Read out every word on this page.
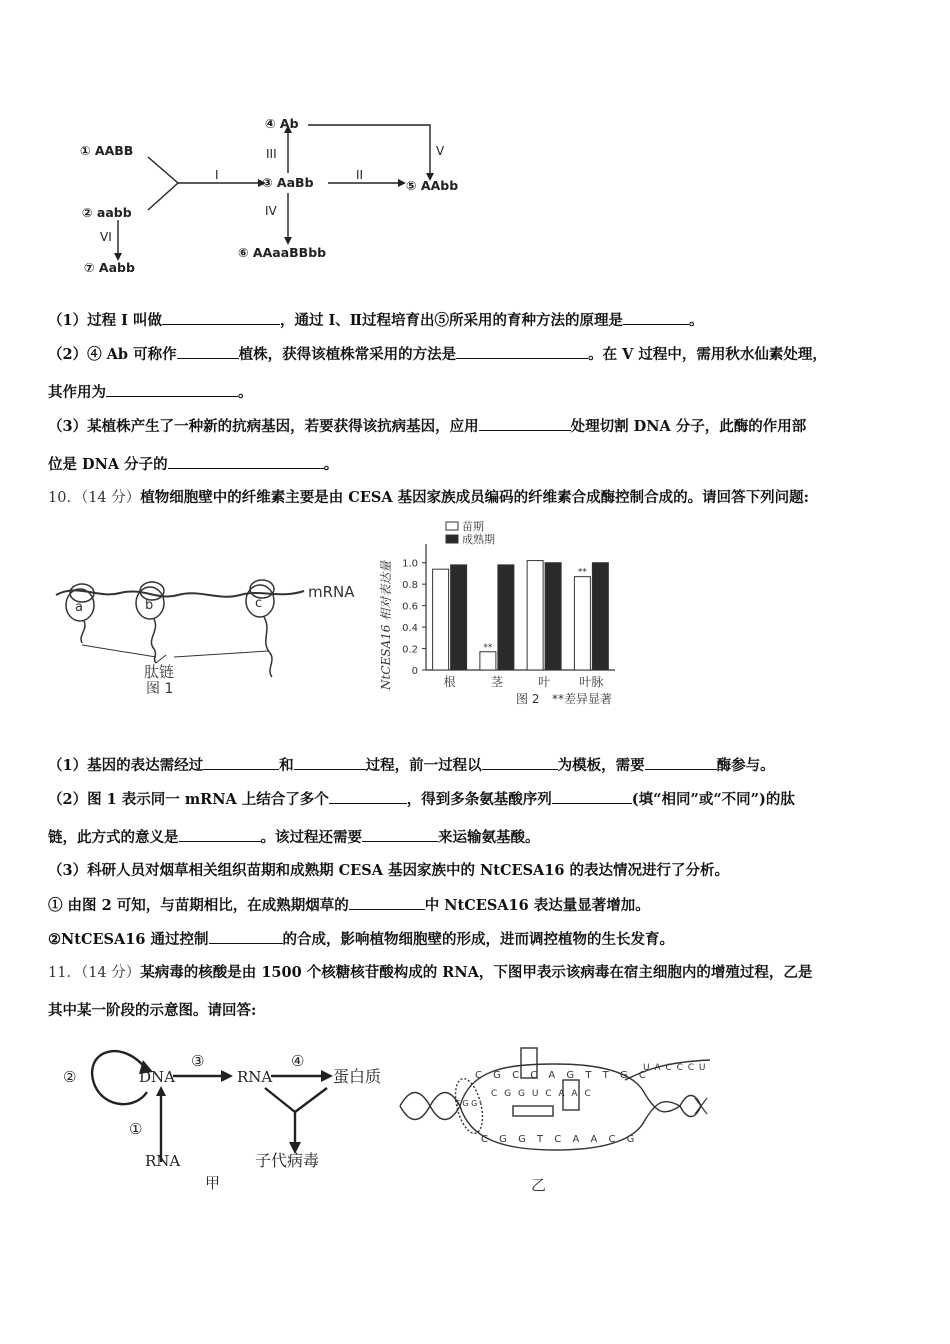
① AABB
② aabb
③ AaBb
④ Ab
⑤ AAbb
⑥ AAaaBBbb
⑦ Aabb
I	II
III
IV
V
VI
（1）过程 I 叫做	，通过 I、Ⅱ过程培育出⑤所采用的育种方法的原理是	。
（2）④ Ab 可称作	植株，获得该植株常采用的方法是	。在 V 过程中，需用秋水仙素处理，
其作用为	。
（3）某植株产生了一种新的抗病基因，若要获得该抗病基因，应用	处理切割 DNA 分子，此酶的作用部
位是 DNA 分子的	。
10．（14 分）植物细胞壁中的纤维素主要是由 CESA 基因家族成员编码的纤维素合成酶控制合成的。请回答下列问题:
a	b	c
mRNA
肽链
图 1	NtCESA16 相对表达量 0
0.2
0.4
0.6
0.8
1.0
**
**
根	茎	叶 叶脉
苗期
成熟期
图 2 **差异显著
（1）基因的表达需经过	和	过程，前一过程以	为模板，需要	酶参与。
（2）图 1 表示同一 mRNA 上结合了多个	，得到多条氨基酸序列	(填“相同”或“不同”)的肽
链，此方式的意义是	。该过程还需要	来运输氨基酸。
（3）科研人员对烟草相关组织苗期和成熟期 CESA 基因家族中的 NtCESA16 的表达情况进行了分析。
① 由图 2 可知，与苗期相比，在成熟期烟草的	中 NtCESA16 表达量显著增加。
②NtCESA16 通过控制	的合成，影响植物细胞壁的形成，进而调控植物的生长发育。
11．（14 分）某病毒的核酸是由 1500 个核糖核苷酸构成的 RNA，下图甲表示该病毒在宿主细胞内的增殖过程，乙是
其中某一阶段的示意图。请回答:
②
③	④
①
DNA	RNA	蛋白质
RNA	子代病毒
甲
C G C C A G T T G C
C G G T C A A C G
C G G U C A A C
U A C C C U
T G G
乙
